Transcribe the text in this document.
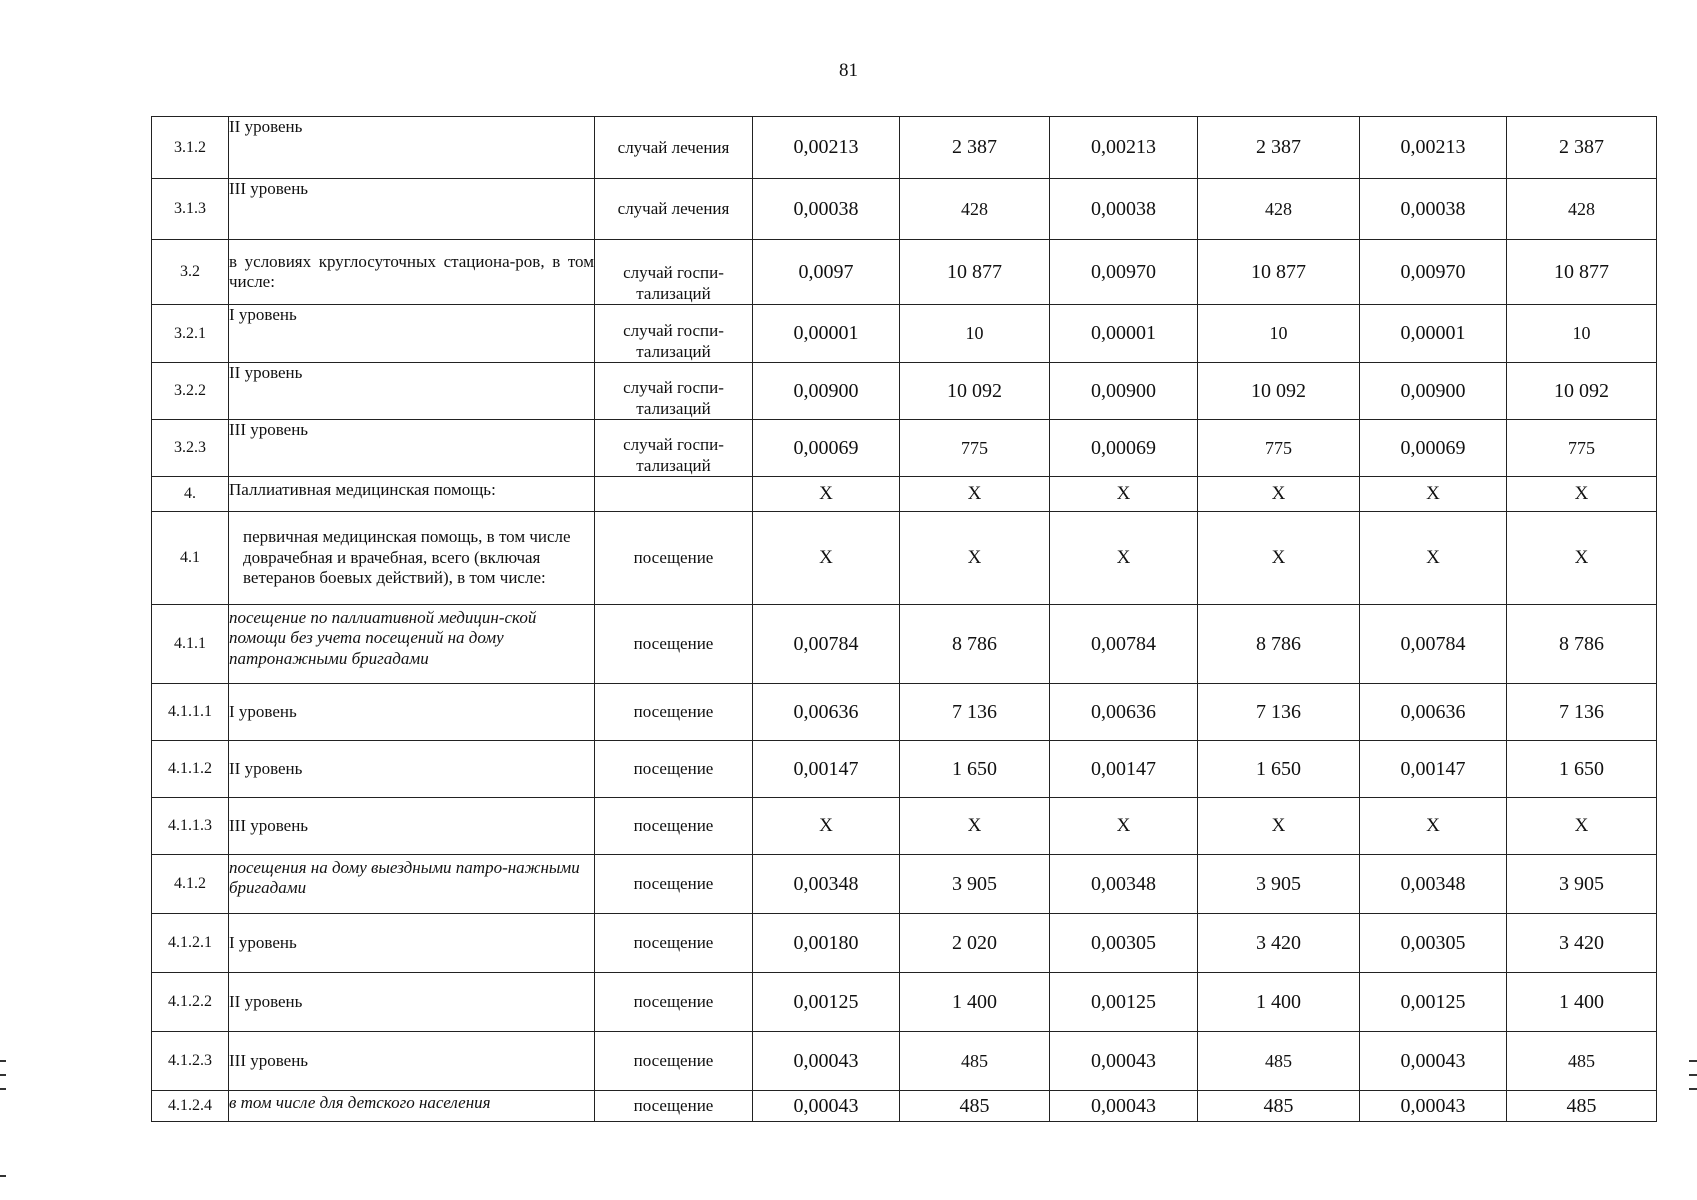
81
3.1.2	II уровень	случай лечения	0,00213	2 387	0,00213	2 387	0,00213	2 387
3.1.3	III уровень	случай лечения	0,00038	428	0,00038	428	0,00038	428
3.2	в условиях круглосуточных стациона-ров, в том числе:	случай госпи-тализаций	0,0097	10 877	0,00970	10 877	0,00970	10 877
3.2.1	I уровень	случай госпи-тализаций	0,00001	10	0,00001	10	0,00001	10
3.2.2	II уровень	случай госпи-тализаций	0,00900	10 092	0,00900	10 092	0,00900	10 092
3.2.3	III уровень	случай госпи-тализаций	0,00069	775	0,00069	775	0,00069	775
4.	Паллиативная медицинская помощь:		X	X	X	X	X	X
4.1	первичная медицинская помощь, в том числе доврачебная и врачебная, всего (включая ветеранов боевых действий), в том числе:	посещение	X	X	X	X	X	X
4.1.1	посещение по паллиативной медицин-ской помощи без учета посещений на дому патронажными бригадами	посещение	0,00784	8 786	0,00784	8 786	0,00784	8 786
4.1.1.1	I уровень	посещение	0,00636	7 136	0,00636	7 136	0,00636	7 136
4.1.1.2	II уровень	посещение	0,00147	1 650	0,00147	1 650	0,00147	1 650
4.1.1.3	III уровень	посещение	X	X	X	X	X	X
4.1.2	посещения на дому выездными патро-нажными бригадами	посещение	0,00348	3 905	0,00348	3 905	0,00348	3 905
4.1.2.1	I уровень	посещение	0,00180	2 020	0,00305	3 420	0,00305	3 420
4.1.2.2	II уровень	посещение	0,00125	1 400	0,00125	1 400	0,00125	1 400
4.1.2.3	III уровень	посещение	0,00043	485	0,00043	485	0,00043	485
4.1.2.4	в том числе для детского населения	посещение	0,00043	485	0,00043	485	0,00043	485
